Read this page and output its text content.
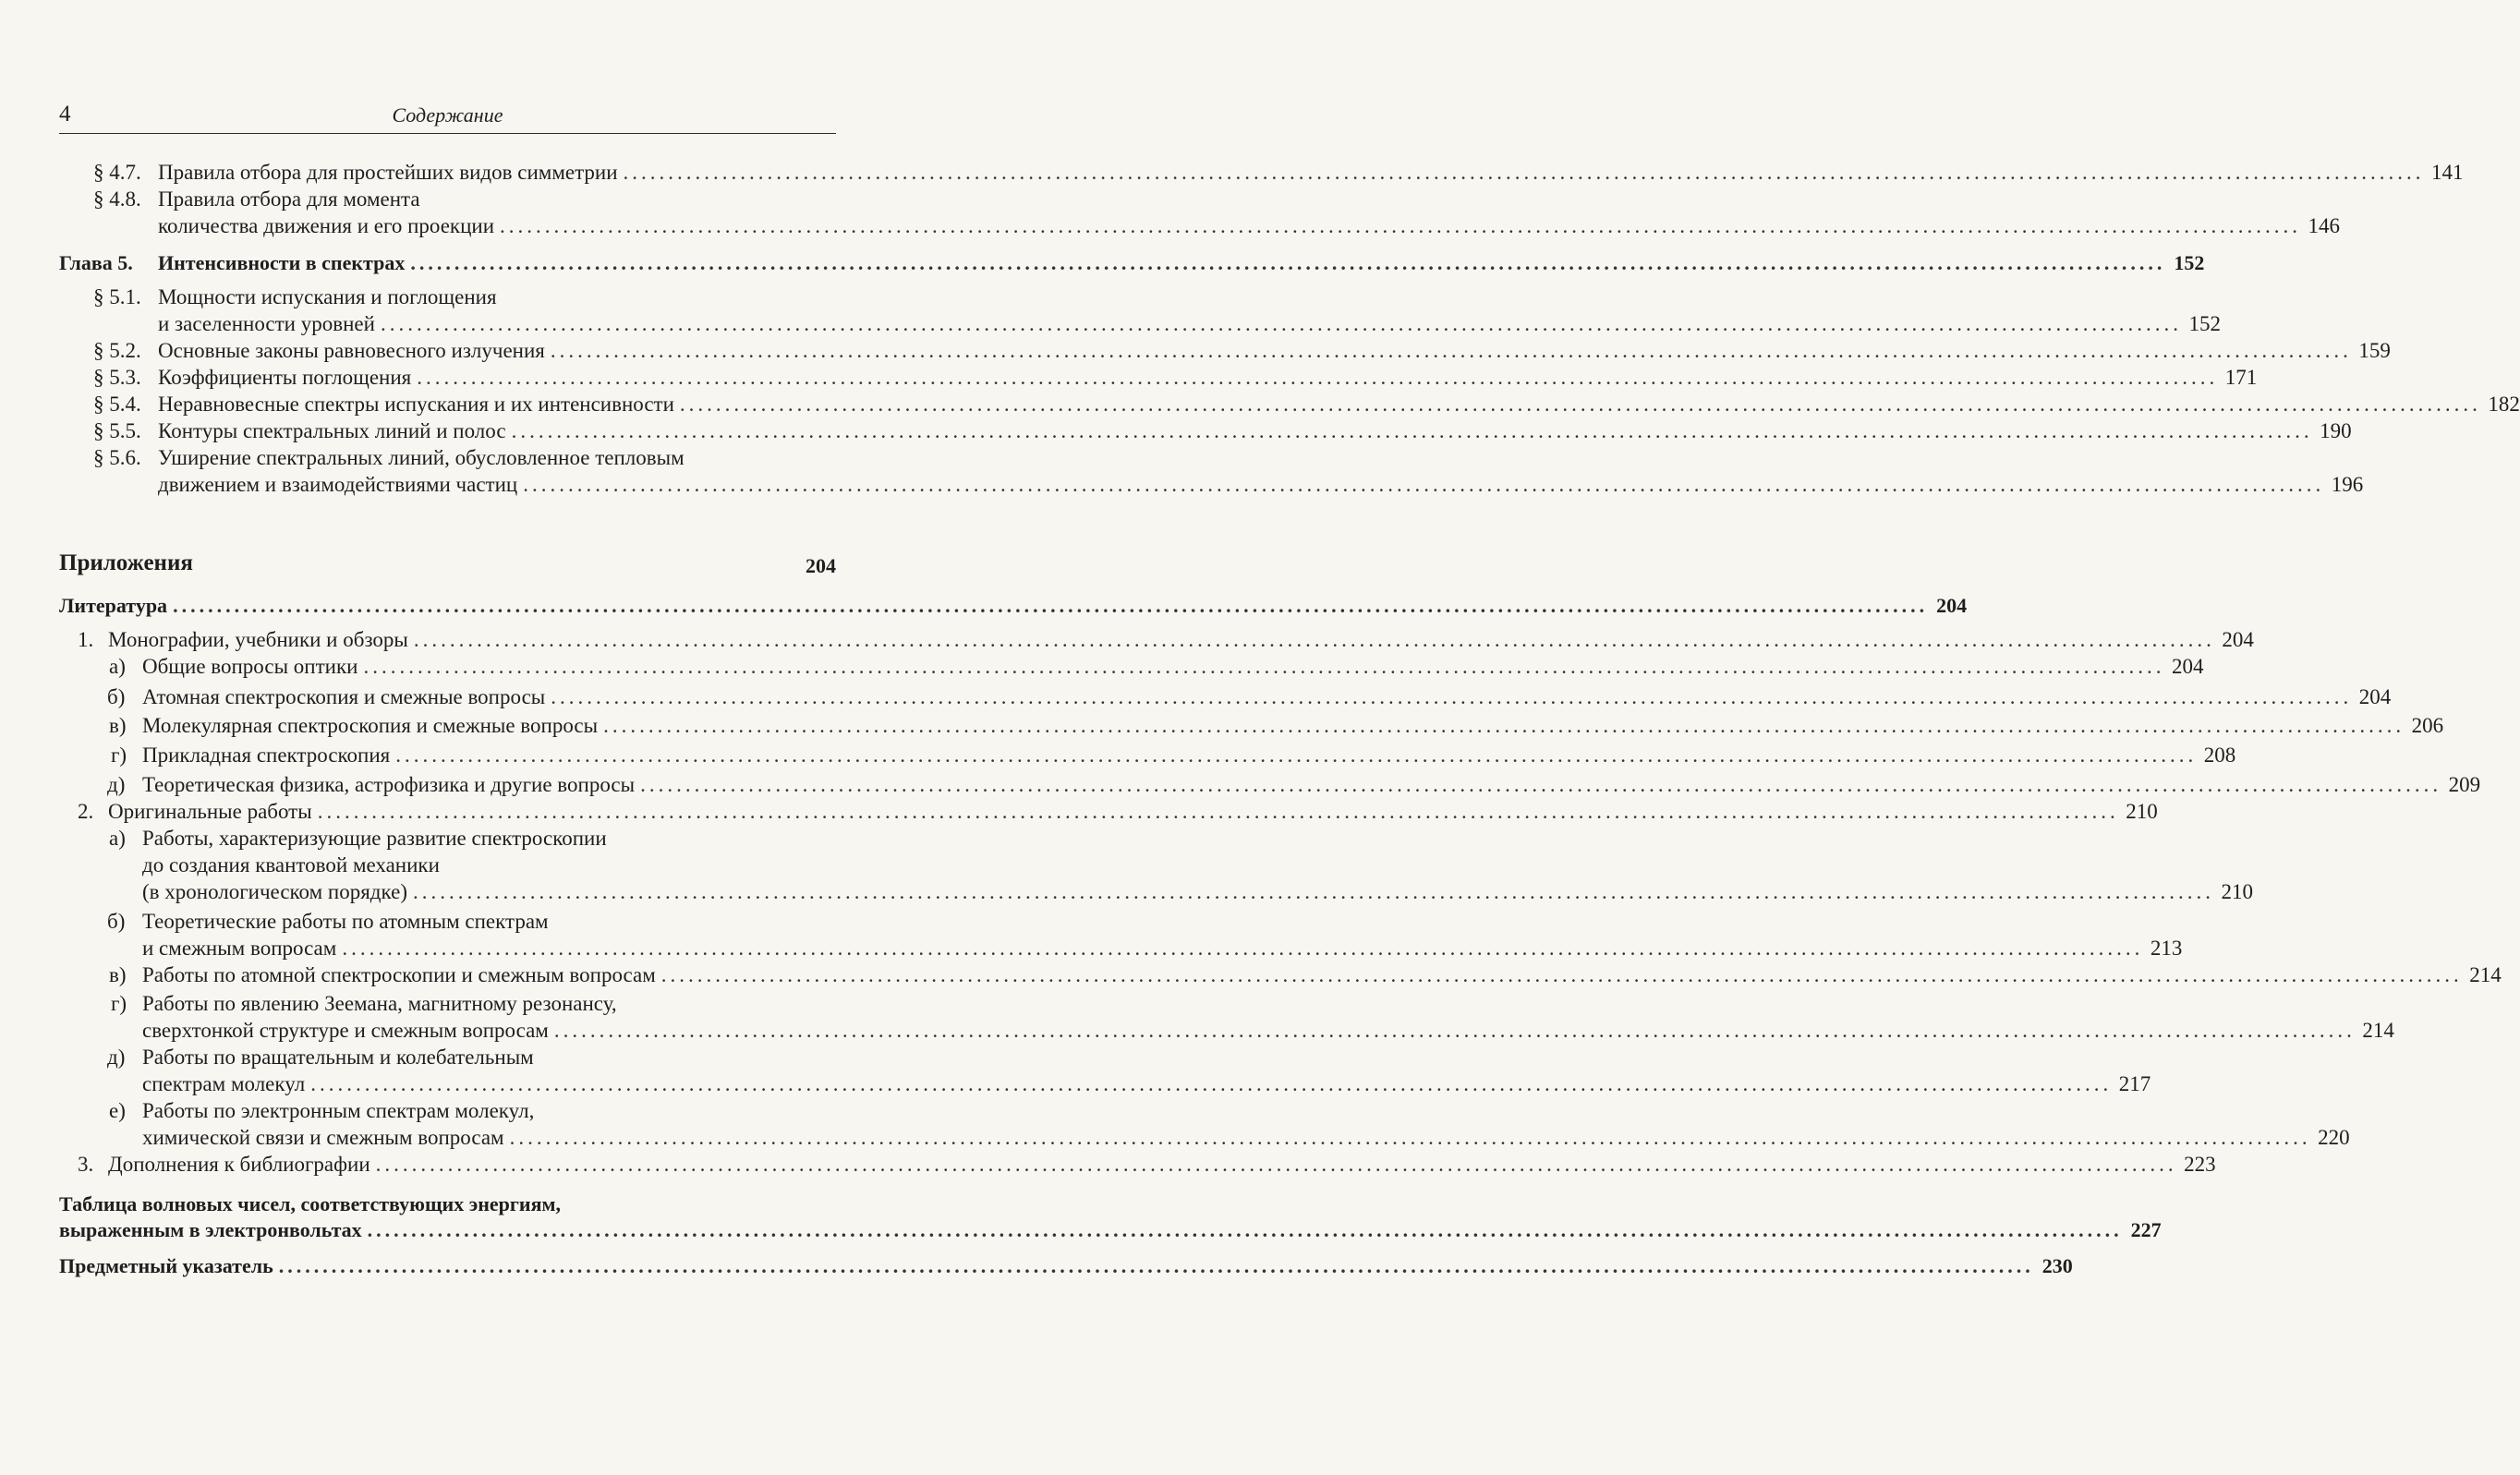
4	Содержание
§ 4.7. Правила отбора для простейших видов симметрии ........................................................................................................................................................................................................ 141
§ 4.8. Правила отбора для момента
количества движения и его проекции ........................................................................................................................................................................................................ 146
Глава 5.	Интенсивности в спектрах ........................................................................................................................................................................................................ 152
§ 5.1. Мощности испускания и поглощения
и заселенности уровней ........................................................................................................................................................................................................ 152
§ 5.2. Основные законы равновесного излучения ........................................................................................................................................................................................................ 159
§ 5.3. Коэффициенты поглощения ........................................................................................................................................................................................................ 171
§ 5.4. Неравновесные спектры испускания и их интенсивности ........................................................................................................................................................................................................ 182
§ 5.5. Контуры спектральных линий и полос ........................................................................................................................................................................................................ 190
§ 5.6. Уширение спектральных линий, обусловленное тепловым
движением и взаимодействиями частиц ........................................................................................................................................................................................................ 196
Приложения	204
Литература ........................................................................................................................................................................................................ 204
1. Монографии, учебники и обзоры ........................................................................................................................................................................................................ 204
а) Общие вопросы оптики ........................................................................................................................................................................................................ 204
б) Атомная спектроскопия и смежные вопросы ........................................................................................................................................................................................................ 204
в) Молекулярная спектроскопия и смежные вопросы ........................................................................................................................................................................................................ 206
г) Прикладная спектроскопия ........................................................................................................................................................................................................ 208
д) Теоретическая физика, астрофизика и другие вопросы ........................................................................................................................................................................................................ 209
2. Оригинальные работы ........................................................................................................................................................................................................ 210
а) Работы, характеризующие развитие спектроскопии
до создания квантовой механики
(в хронологическом порядке) ........................................................................................................................................................................................................ 210
б) Теоретические работы по атомным спектрам
и смежным вопросам ........................................................................................................................................................................................................ 213
в) Работы по атомной спектроскопии и смежным вопросам ........................................................................................................................................................................................................ 214
г) Работы по явлению Зеемана, магнитному резонансу,
сверхтонкой структуре и смежным вопросам ........................................................................................................................................................................................................ 214
д) Работы по вращательным и колебательным
спектрам молекул ........................................................................................................................................................................................................ 217
е) Работы по электронным спектрам молекул,
химической связи и смежным вопросам ........................................................................................................................................................................................................ 220
3. Дополнения к библиографии ........................................................................................................................................................................................................ 223
Таблица волновых чисел, соответствующих энергиям,
выраженным в электронвольтах ........................................................................................................................................................................................................ 227
Предметный указатель ........................................................................................................................................................................................................ 230
